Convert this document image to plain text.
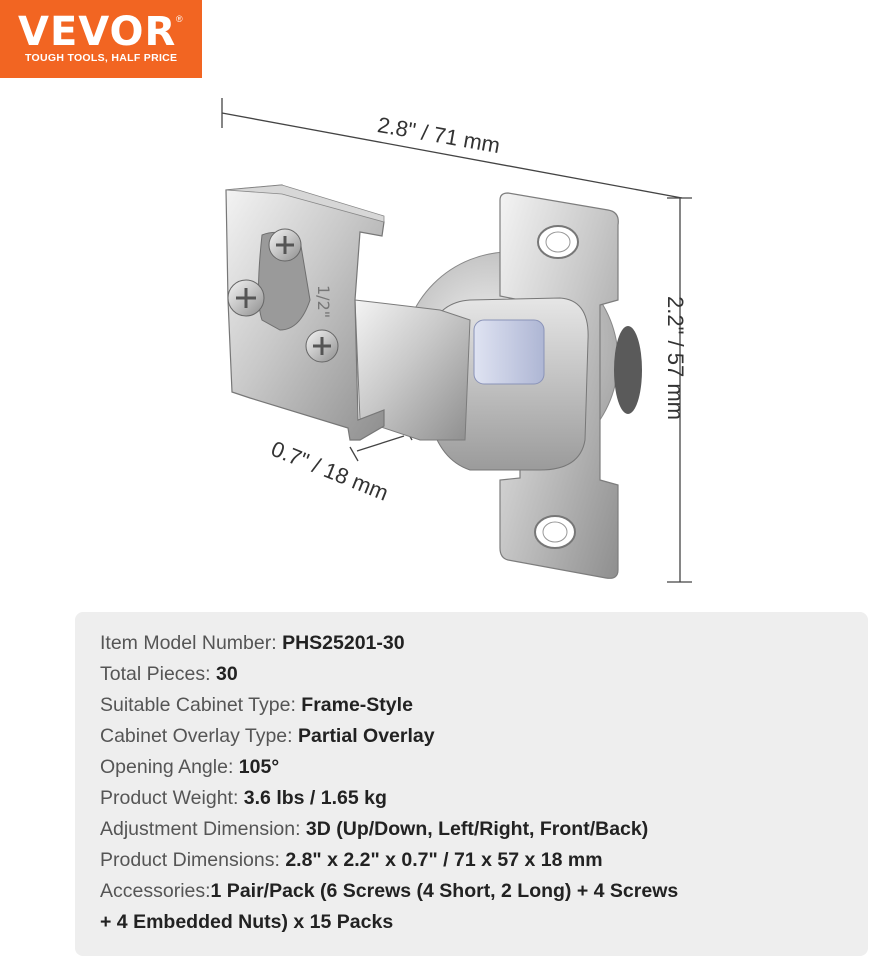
VEVOR ®
TOUGH TOOLS, HALF PRICE
1/2"
2.8" / 71 mm
2.2" / 57 mm
0.7" / 18 mm
Item Model Number: PHS25201-30
Total Pieces: 30
Suitable Cabinet Type: Frame-Style
Cabinet Overlay Type: Partial Overlay
Opening Angle: 105°
Product Weight: 3.6 lbs / 1.65 kg
Adjustment Dimension: 3D (Up/Down, Left/Right, Front/Back)
Product Dimensions: 2.8" x 2.2" x 0.7" / 71 x 57 x 18 mm
Accessories:1 Pair/Pack (6 Screws (4 Short, 2 Long) + 4 Screws
+ 4 Embedded Nuts) x 15 Packs
